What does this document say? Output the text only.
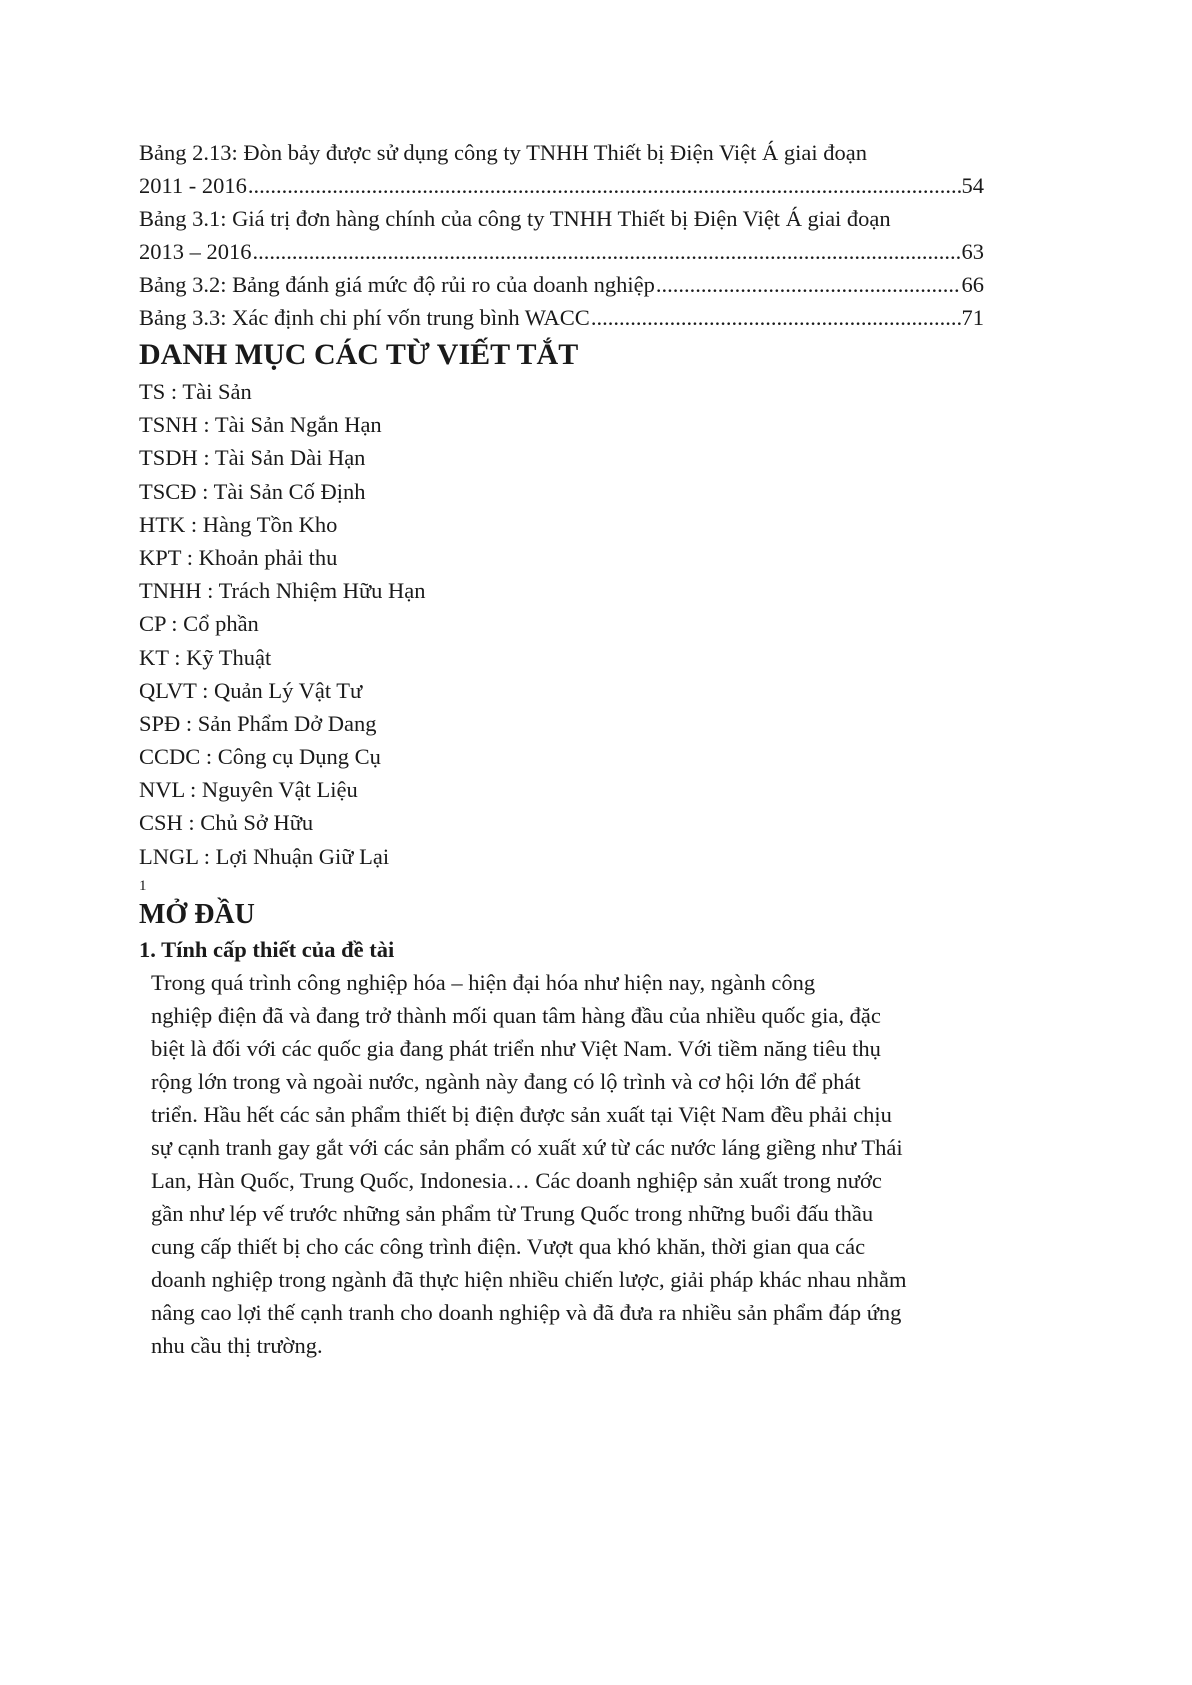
Bảng 2.13: Đòn bảy được sử dụng công ty TNHH Thiết bị Điện Việt Á giai đoạn
2011 - 2016 .....	54
Bảng 3.1: Giá trị đơn hàng chính của công ty TNHH Thiết bị Điện Việt Á giai đoạn
2013 – 2016 .....	63
Bảng 3.2: Bảng đánh giá mức độ rủi ro của doanh nghiệp .....	66
Bảng 3.3: Xác định chi phí vốn trung bình WACC .....	71
DANH MỤC CÁC TỪ VIẾT TẮT
TS : Tài Sản
TSNH : Tài Sản Ngắn Hạn
TSDH : Tài Sản Dài Hạn
TSCĐ : Tài Sản Cố Định
HTK : Hàng Tồn Kho
KPT : Khoản phải thu
TNHH : Trách Nhiệm Hữu Hạn
CP : Cổ phần
KT : Kỹ Thuật
QLVT : Quản Lý Vật Tư
SPĐ : Sản Phẩm Dở Dang
CCDC : Công cụ Dụng Cụ
NVL : Nguyên Vật Liệu
CSH : Chủ Sở Hữu
LNGL : Lợi Nhuận Giữ Lại
1
MỞ ĐẦU
1. Tính cấp thiết của đề tài

Trong quá trình công nghiệp hóa – hiện đại hóa như hiện nay, ngành công
nghiệp điện đã và đang trở thành mối quan tâm hàng đầu của nhiều quốc gia, đặc
biệt là đối với các quốc gia đang phát triển như Việt Nam. Với tiềm năng tiêu thụ
rộng lớn trong và ngoài nước, ngành này đang có lộ trình và cơ hội lớn để phát
triển. Hầu hết các sản phẩm thiết bị điện được sản xuất tại Việt Nam đều phải chịu
sự cạnh tranh gay gắt với các sản phẩm có xuất xứ từ các nước láng giềng như Thái
Lan, Hàn Quốc, Trung Quốc, Indonesia… Các doanh nghiệp sản xuất trong nước
gần như lép vế trước những sản phẩm từ Trung Quốc trong những buổi đấu thầu
cung cấp thiết bị cho các công trình điện. Vượt qua khó khăn, thời gian qua các
doanh nghiệp trong ngành đã thực hiện nhiều chiến lược, giải pháp khác nhau nhằm
nâng cao lợi thế cạnh tranh cho doanh nghiệp và đã đưa ra nhiều sản phẩm đáp ứng
nhu cầu thị trường.
